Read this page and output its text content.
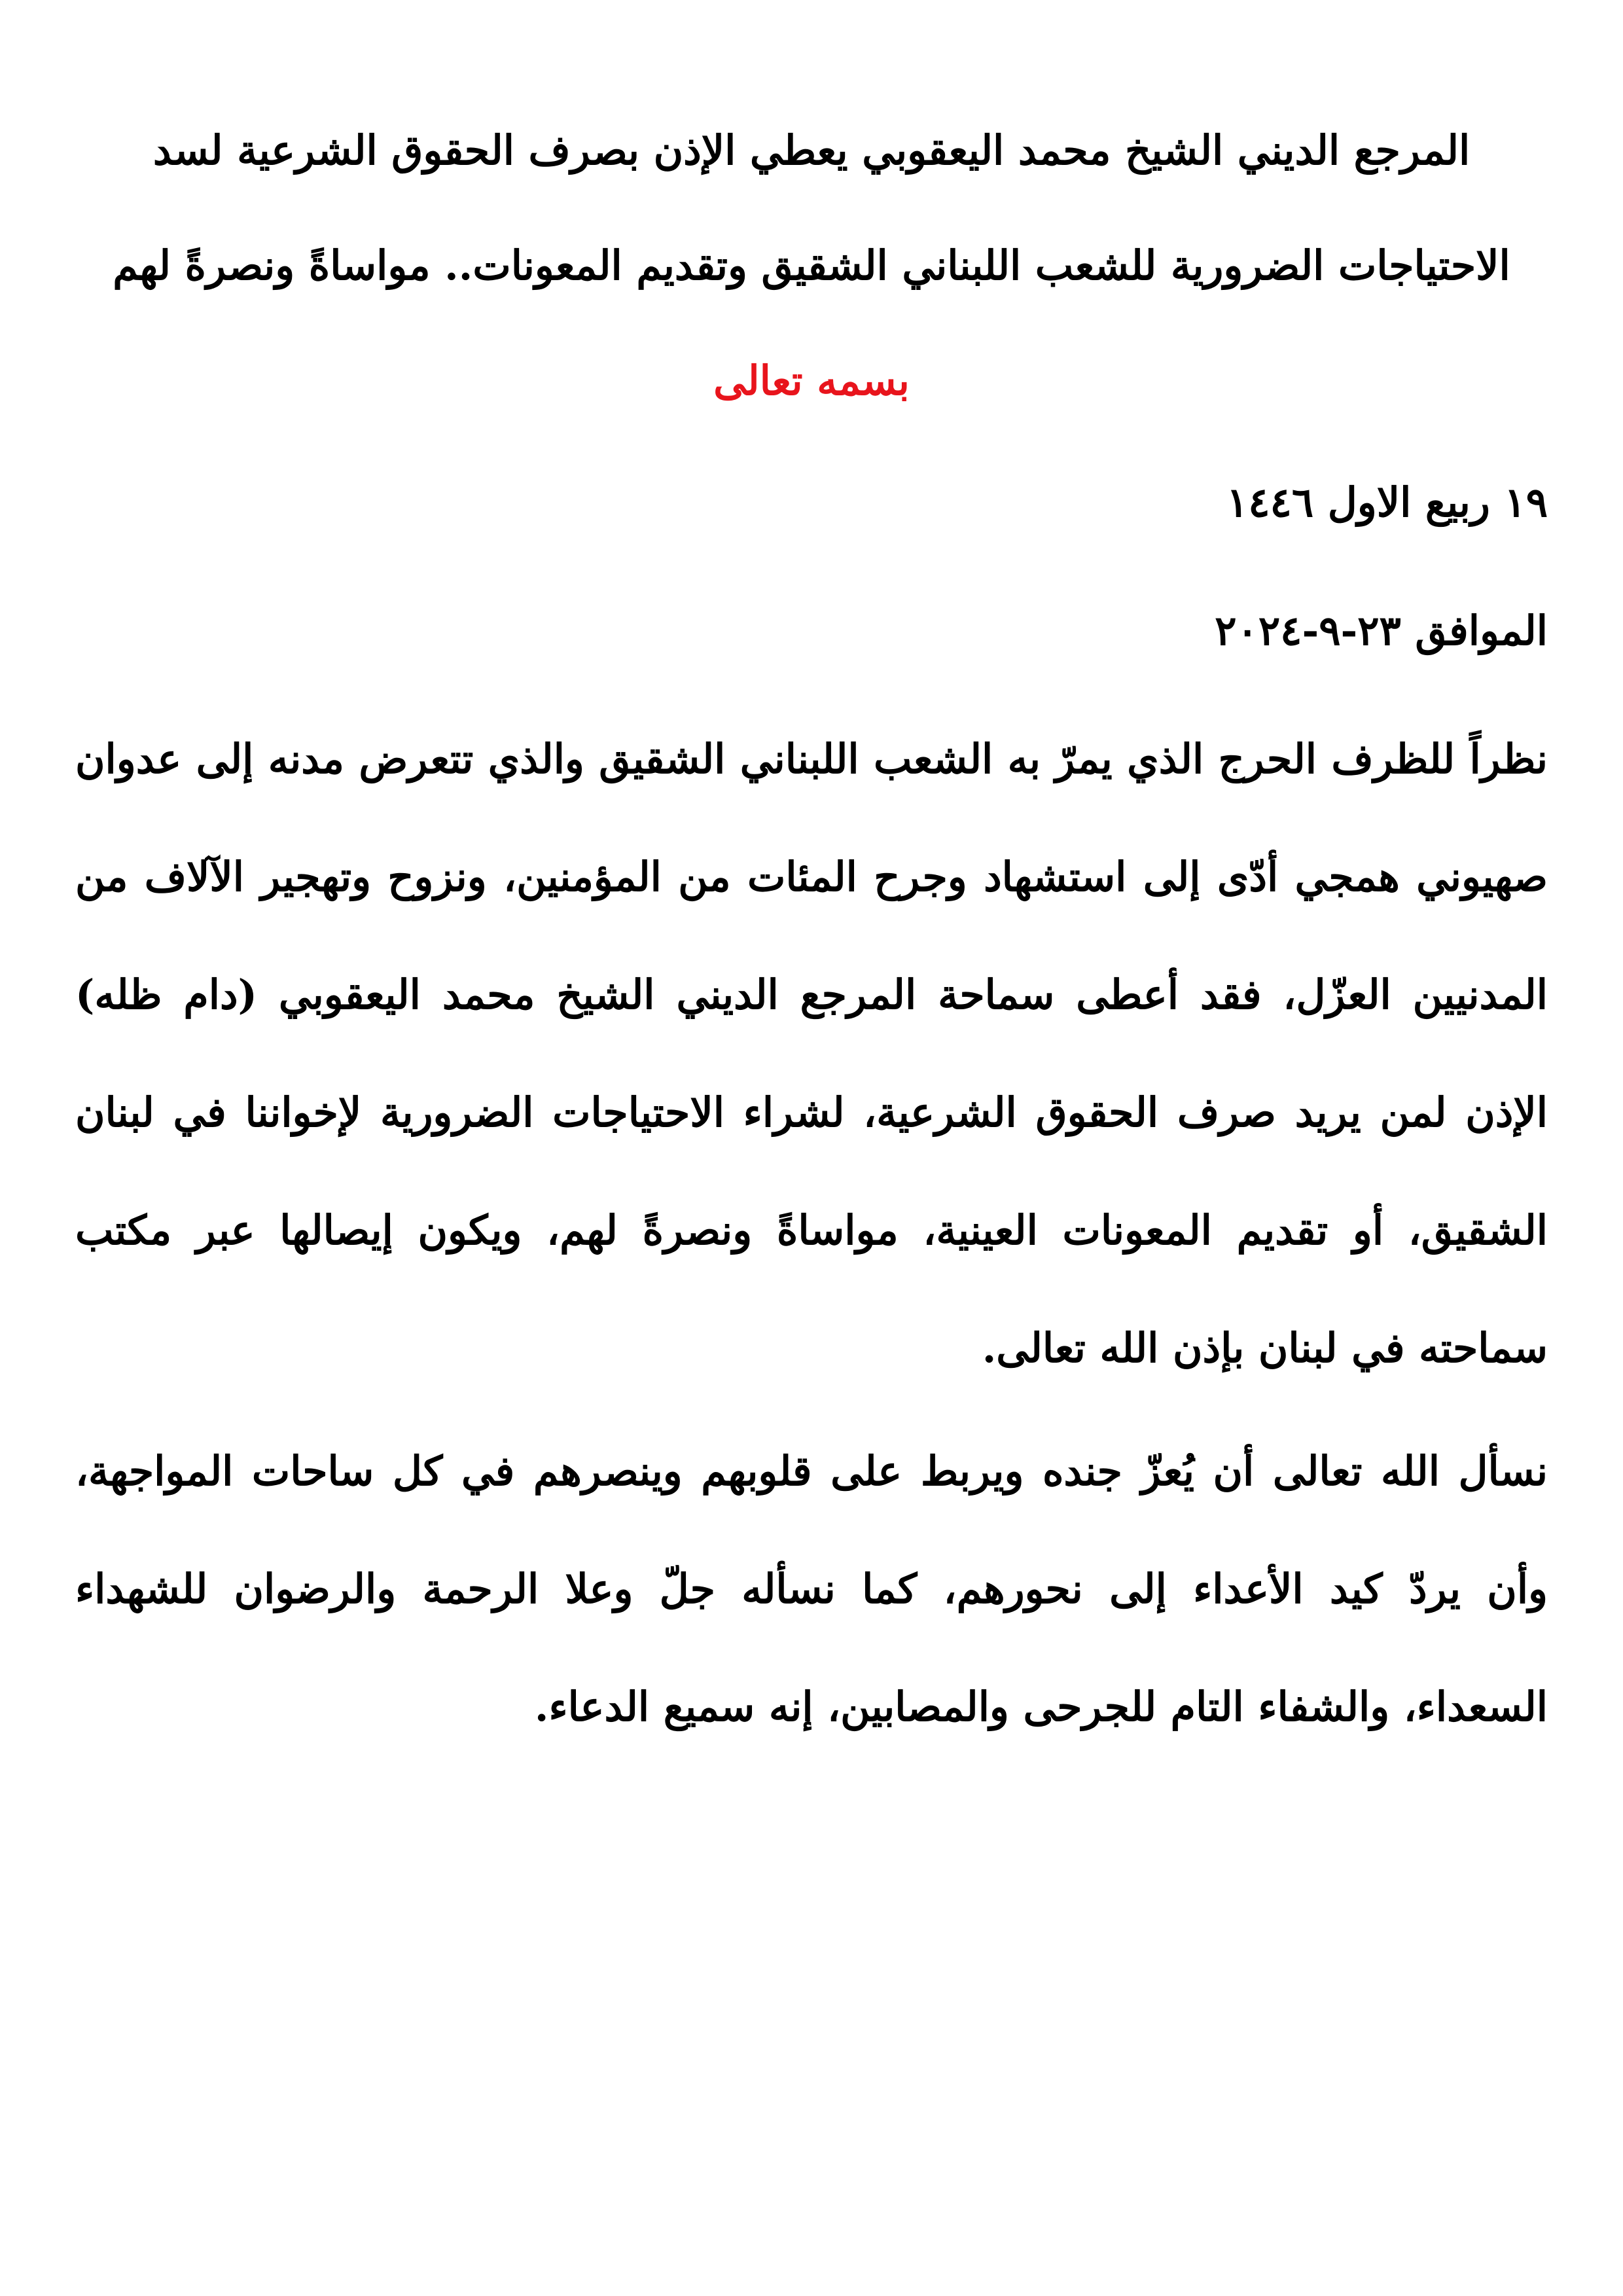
المرجع الديني الشيخ محمد اليعقوبي يعطي الإذن بصرف الحقوق الشرعية لسد الاحتياجات الضرورية للشعب اللبناني الشقيق وتقديم المعونات.. مواساةً ونصرةً لهم

بسمه تعالى

١٩ ربيع الاول ١٤٤٦

الموافق ٢٣-٩-٢٠٢٤

نظراً للظرف الحرج الذي يمرّ به الشعب اللبناني الشقيق والذي تتعرض مدنه إلى عدوان صهيوني همجي أدّى إلى استشهاد وجرح المئات من المؤمنين، ونزوح وتهجير الآلاف من المدنيين العزّل، فقد أعطى سماحة المرجع الديني الشيخ محمد اليعقوبي (دام ظله) الإذن لمن يريد صرف الحقوق الشرعية، لشراء الاحتياجات الضرورية لإخواننا في لبنان الشقيق، أو تقديم المعونات العينية، مواساةً ونصرةً لهم، ويكون إيصالها عبر مكتب سماحته في لبنان بإذن الله تعالى.

نسأل الله تعالى أن يُعزّ جنده ويربط على قلوبهم وينصرهم في كل ساحات المواجهة، وأن يردّ كيد الأعداء إلى نحورهم، كما نسأله جلّ وعلا الرحمة والرضوان للشهداء السعداء، والشفاء التام للجرحى والمصابين، إنه سميع الدعاء.
